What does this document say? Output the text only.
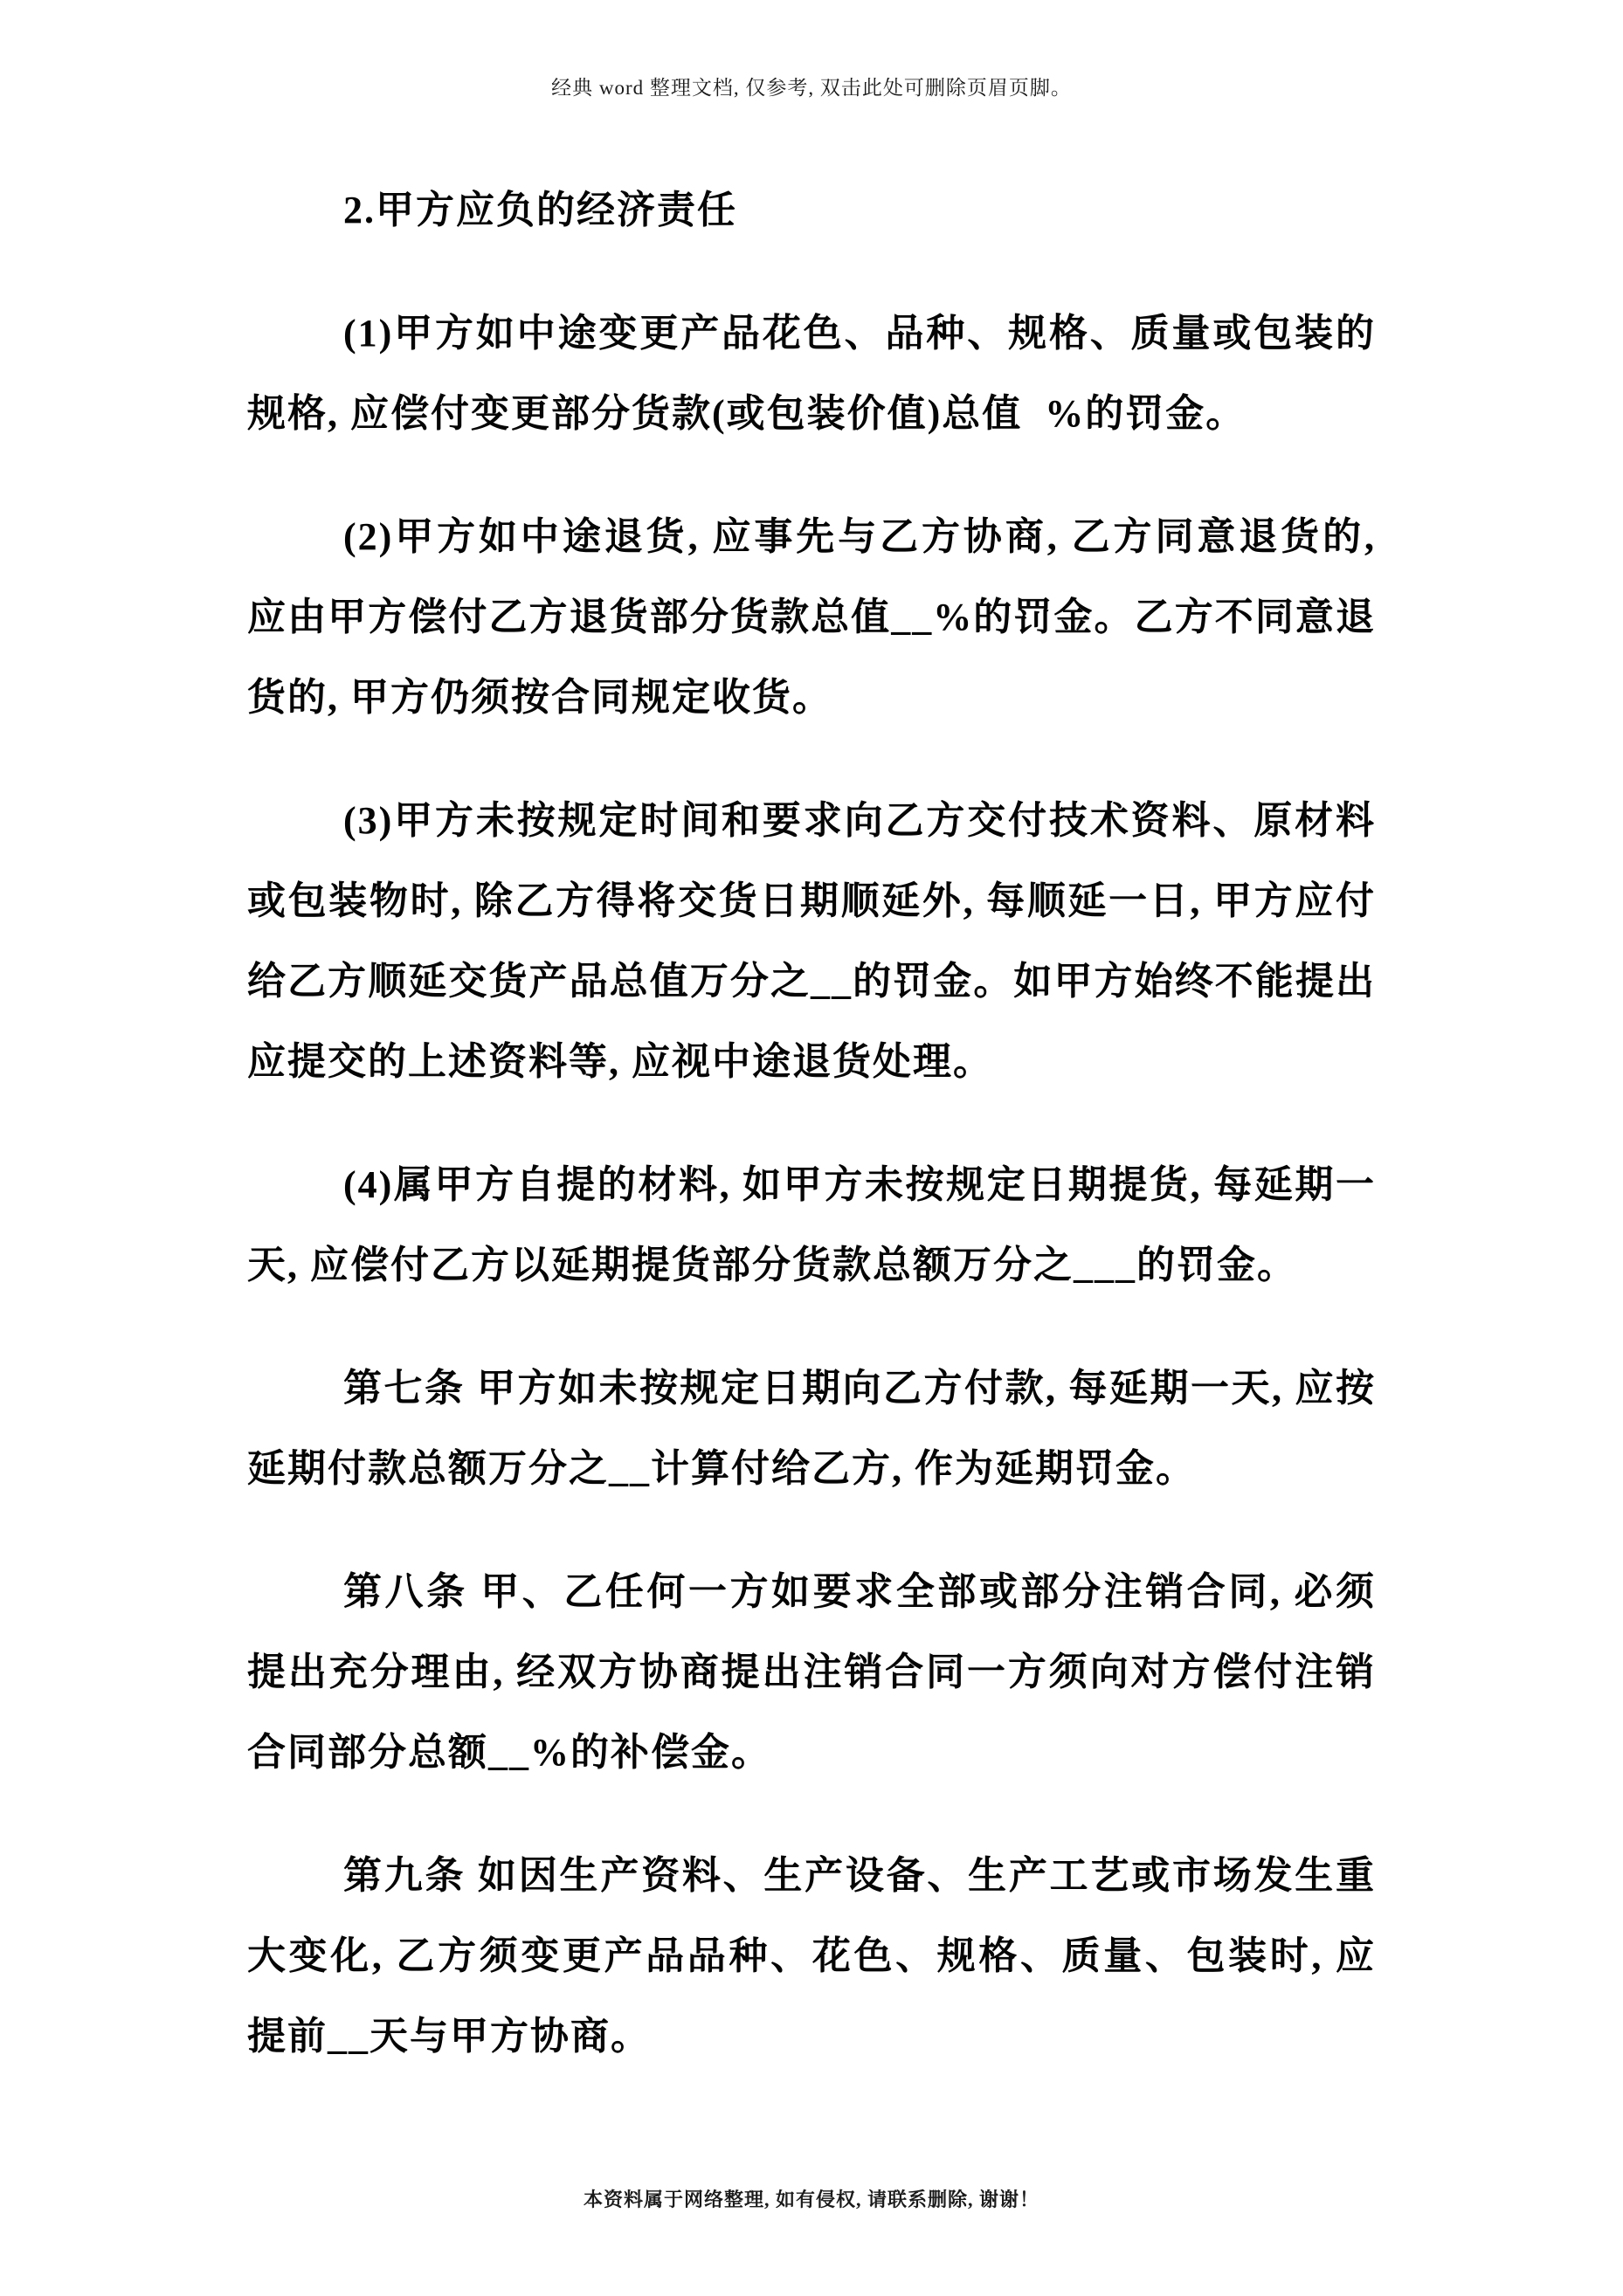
经典 word 整理文档, 仅参考, 双击此处可删除页眉页脚。

2.甲方应负的经济责任

(1)甲方如中途变更产品花色、品种、规格、质量或包装的规格, 应偿付变更部分货款(或包装价值)总值  %的罚金。

(2)甲方如中途退货, 应事先与乙方协商, 乙方同意退货的, 应由甲方偿付乙方退货部分货款总值__%的罚金。乙方不同意退货的, 甲方仍须按合同规定收货。

(3)甲方未按规定时间和要求向乙方交付技术资料、原材料或包装物时, 除乙方得将交货日期顺延外, 每顺延一日, 甲方应付给乙方顺延交货产品总值万分之__的罚金。如甲方始终不能提出应提交的上述资料等, 应视中途退货处理。

(4)属甲方自提的材料, 如甲方未按规定日期提货, 每延期一天, 应偿付乙方以延期提货部分货款总额万分之___的罚金。

第七条 甲方如未按规定日期向乙方付款, 每延期一天, 应按延期付款总额万分之__计算付给乙方, 作为延期罚金。

第八条 甲、乙任何一方如要求全部或部分注销合同, 必须提出充分理由, 经双方协商提出注销合同一方须向对方偿付注销合同部分总额__%的补偿金。

第九条 如因生产资料、生产设备、生产工艺或市场发生重大变化, 乙方须变更产品品种、花色、规格、质量、包装时, 应提前__天与甲方协商。

本资料属于网络整理, 如有侵权, 请联系删除, 谢谢！
